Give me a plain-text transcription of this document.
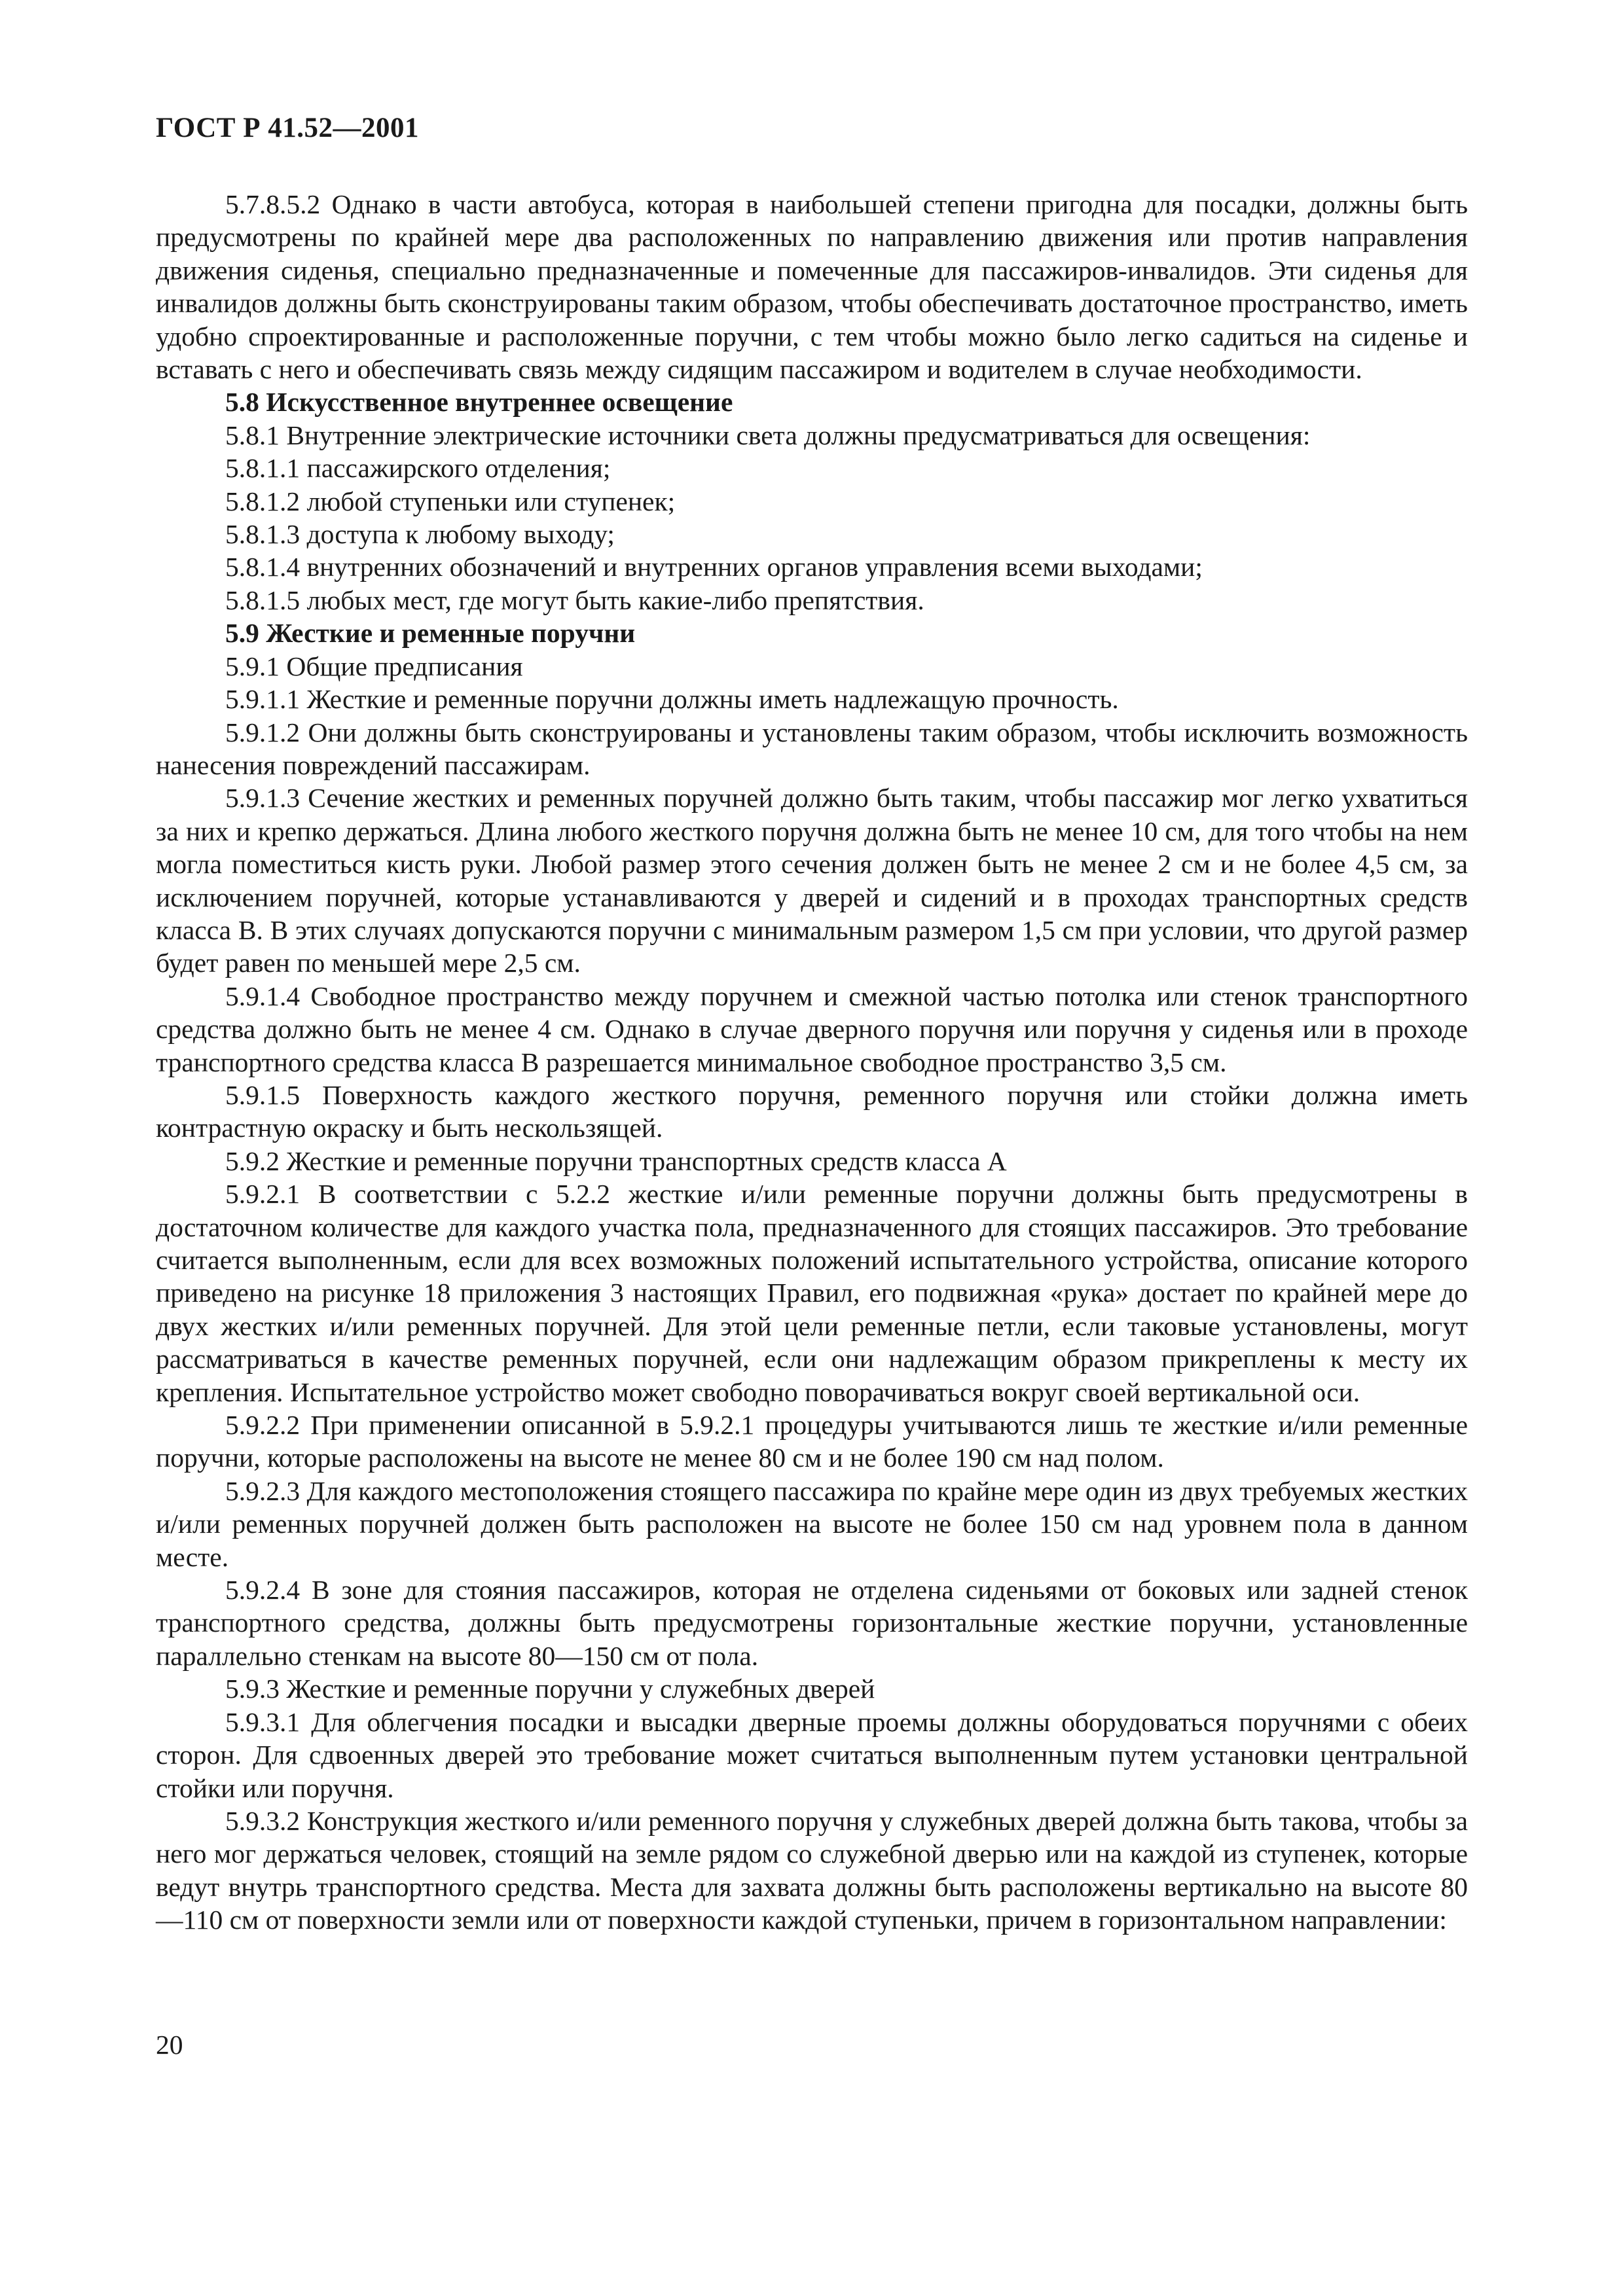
ГОСТ Р 41.52—2001

5.7.8.5.2 Однако в части автобуса, которая в наибольшей степени пригодна для посадки, должны быть предусмотрены по крайней мере два расположенных по направлению движения или против направления движения сиденья, специально предназначенные и помеченные для пассажиров-инвалидов. Эти сиденья для инвалидов должны быть сконструированы таким образом, чтобы обеспечивать достаточное пространство, иметь удобно спроектированные и расположенные поручни, с тем чтобы можно было легко садиться на сиденье и вставать с него и обеспечивать связь между сидящим пассажиром и водителем в случае необходимости.

5.8 Искусственное внутреннее освещение

5.8.1 Внутренние электрические источники света должны предусматриваться для освещения:

5.8.1.1 пассажирского отделения;

5.8.1.2 любой ступеньки или ступенек;

5.8.1.3 доступа к любому выходу;

5.8.1.4 внутренних обозначений и внутренних органов управления всеми выходами;

5.8.1.5 любых мест, где могут быть какие-либо препятствия.

5.9 Жесткие и ременные поручни

5.9.1 Общие предписания

5.9.1.1 Жесткие и ременные поручни должны иметь надлежащую прочность.

5.9.1.2 Они должны быть сконструированы и установлены таким образом, чтобы исключить возможность нанесения повреждений пассажирам.

5.9.1.3 Сечение жестких и ременных поручней должно быть таким, чтобы пассажир мог легко ухватиться за них и крепко держаться. Длина любого жесткого поручня должна быть не менее 10 см, для того чтобы на нем могла поместиться кисть руки. Любой размер этого сечения должен быть не менее 2 см и не более 4,5 см, за исключением поручней, которые устанавливаются у дверей и сидений и в проходах транспортных средств класса В. В этих случаях допускаются поручни с минимальным размером 1,5 см при условии, что другой размер будет равен по меньшей мере 2,5 см.

5.9.1.4 Свободное пространство между поручнем и смежной частью потолка или стенок транспортного средства должно быть не менее 4 см. Однако в случае дверного поручня или поручня у сиденья или в проходе транспортного средства класса В разрешается минимальное свободное пространство 3,5 см.

5.9.1.5 Поверхность каждого жесткого поручня, ременного поручня или стойки должна иметь контрастную окраску и быть нескользящей.

5.9.2 Жесткие и ременные поручни транспортных средств класса А

5.9.2.1 В соответствии с 5.2.2 жесткие и/или ременные поручни должны быть предусмотрены в достаточном количестве для каждого участка пола, предназначенного для стоящих пассажиров. Это требование считается выполненным, если для всех возможных положений испытательного устройства, описание которого приведено на рисунке 18 приложения 3 настоящих Правил, его подвижная «рука» достает по крайней мере до двух жестких и/или ременных поручней. Для этой цели ременные петли, если таковые установлены, могут рассматриваться в качестве ременных поручней, если они надлежащим образом прикреплены к месту их крепления. Испытательное устройство может свободно поворачиваться вокруг своей вертикальной оси.

5.9.2.2 При применении описанной в 5.9.2.1 процедуры учитываются лишь те жесткие и/или ременные поручни, которые расположены на высоте не менее 80 см и не более 190 см над полом.

5.9.2.3 Для каждого местоположения стоящего пассажира по крайне мере один из двух требуемых жестких и/или ременных поручней должен быть расположен на высоте не более 150 см над уровнем пола в данном месте.

5.9.2.4 В зоне для стояния пассажиров, которая не отделена сиденьями от боковых или задней стенок транспортного средства, должны быть предусмотрены горизонтальные жесткие поручни, установленные параллельно стенкам на высоте 80—150 см от пола.

5.9.3 Жесткие и ременные поручни у служебных дверей

5.9.3.1 Для облегчения посадки и высадки дверные проемы должны оборудоваться поручнями с обеих сторон. Для сдвоенных дверей это требование может считаться выполненным путем установки центральной стойки или поручня.

5.9.3.2 Конструкция жесткого и/или ременного поручня у служебных дверей должна быть такова, чтобы за него мог держаться человек, стоящий на земле рядом со служебной дверью или на каждой из ступенек, которые ведут внутрь транспортного средства. Места для захвата должны быть расположены вертикально на высоте 80—110 см от поверхности земли или от поверхности каждой ступеньки, причем в горизонтальном направлении:

20
